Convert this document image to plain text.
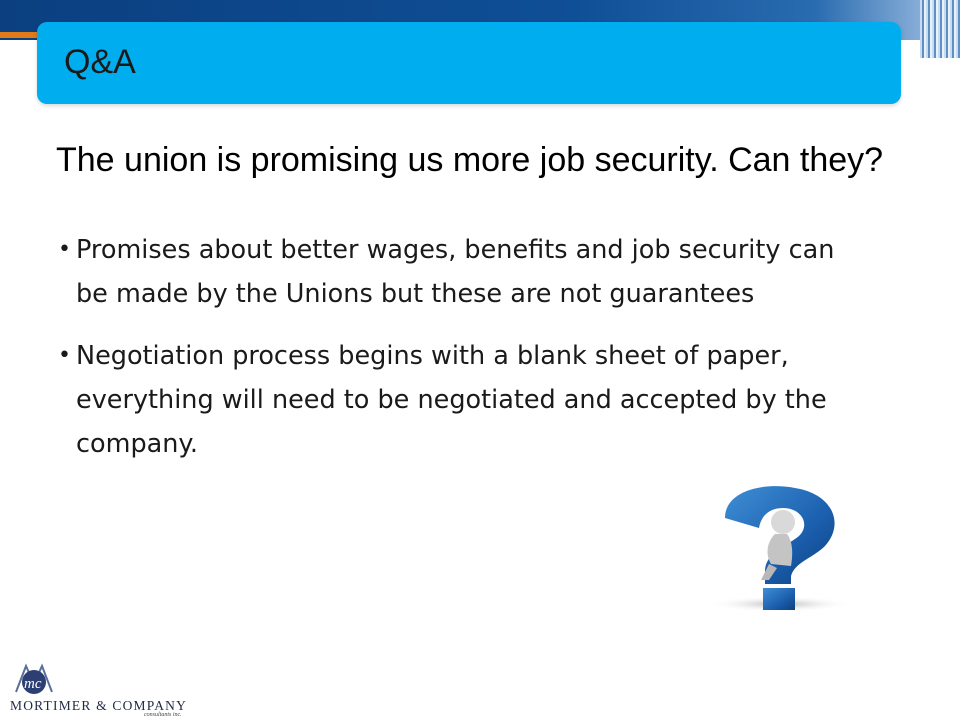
Q&A
The union is promising us more job security. Can they?
• Promises about better wages, benefits and job security can be made by the Unions but these are not guarantees
• Negotiation process begins with a blank sheet of paper, everything will need to be negotiated and accepted by the company.
mc
MORTIMER & COMPANY
consultants inc.
